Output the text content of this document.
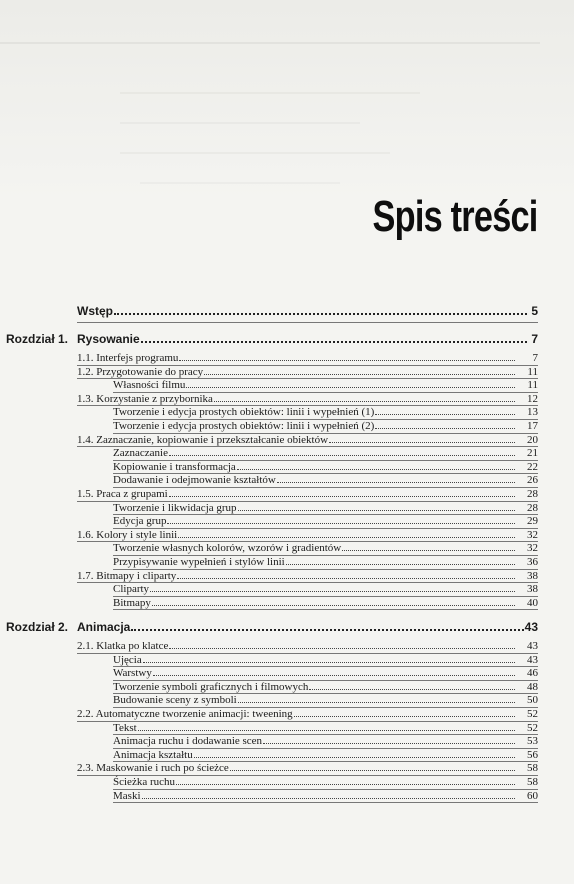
Spis treści
Wstęp	5
Rozdział 1. Rysowanie	7
1.1. Interfejs programu	7
1.2. Przygotowanie do pracy	11
Własności filmu	11
1.3. Korzystanie z przybornika	12
Tworzenie i edycja prostych obiektów: linii i wypełnień (1)	13
Tworzenie i edycja prostych obiektów: linii i wypełnień (2)	17
1.4. Zaznaczanie, kopiowanie i przekształcanie obiektów	20
Zaznaczanie	21
Kopiowanie i transformacja	22
Dodawanie i odejmowanie kształtów	26
1.5. Praca z grupami	28
Tworzenie i likwidacja grup	28
Edycja grup	29
1.6. Kolory i style linii	32
Tworzenie własnych kolorów, wzorów i gradientów	32
Przypisywanie wypełnień i stylów linii	36
1.7. Bitmapy i cliparty	38
Cliparty	38
Bitmapy	40
Rozdział 2. Animacja	43
2.1. Klatka po klatce	43
Ujęcia	43
Warstwy	46
Tworzenie symboli graficznych i filmowych	48
Budowanie sceny z symboli	50
2.2. Automatyczne tworzenie animacji: tweening	52
Tekst	52
Animacja ruchu i dodawanie scen	53
Animacja kształtu	56
2.3. Maskowanie i ruch po ścieżce	58
Ścieżka ruchu	58
Maski	60
